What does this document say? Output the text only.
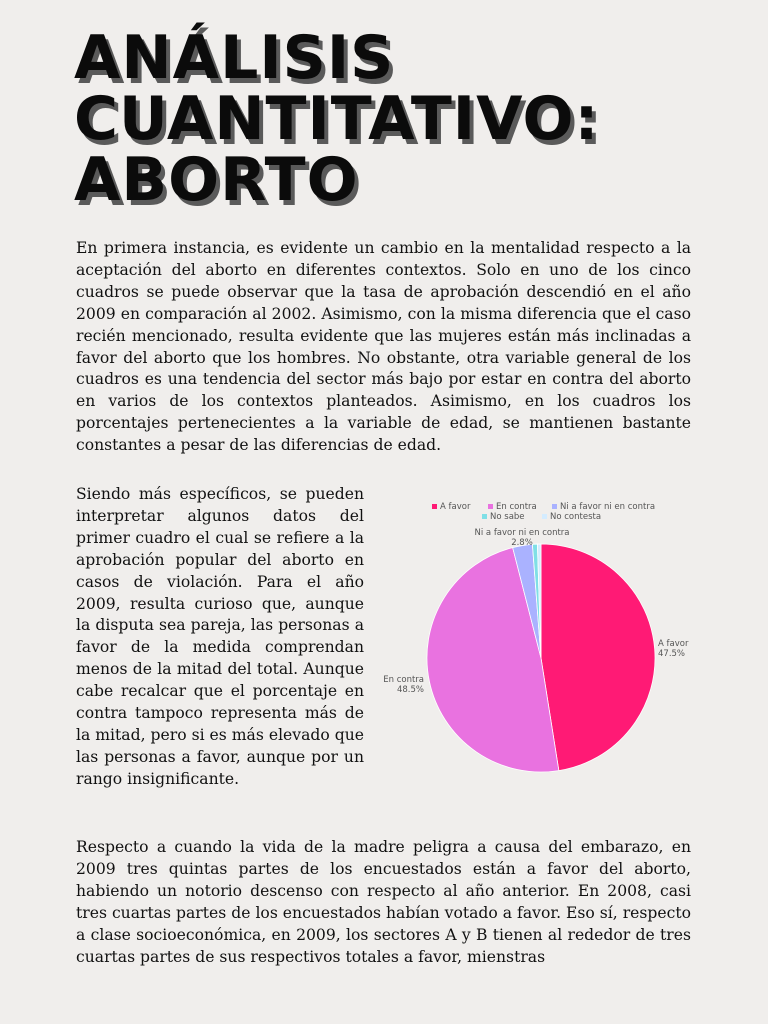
ANÁLISIS
CUANTITATIVO:
ABORTO

En primera instancia, es evidente un cambio en la mentalidad respecto a la aceptación del aborto en diferentes contextos. Solo en uno de los cinco cuadros se puede observar que la tasa de aprobación descendió en el año 2009 en comparación al 2002. Asimismo, con la misma diferencia que el caso recién mencionado, resulta evidente que las mujeres están más inclinadas a favor del aborto que los hombres. No obstante, otra variable general de los cuadros es una tendencia del sector más bajo por estar en contra del aborto en varios de los contextos planteados. Asimismo, en los cuadros los porcentajes pertenecientes a la variable de edad, se mantienen bastante constantes a pesar de las diferencias de edad.

Siendo más específicos, se pueden interpretar algunos datos del primer cuadro el cual se refiere a la aprobación popular del aborto en casos de violación. Para el año 2009, resulta curioso que, aunque la disputa sea pareja, las personas a favor de la medida comprendan menos de la mitad del total. Aunque cabe recalcar que el porcentaje en contra tampoco representa más de la mitad, pero si es más elevado que las personas a favor, aunque por un rango insignificante.

Respecto a cuando la vida de la madre peligra a causa del embarazo, en 2009 tres quintas partes de los encuestados están a favor del aborto, habiendo un notorio descenso con respecto al año anterior. En 2008, casi tres cuartas partes de los encuestados habían votado a favor. Eso sí, respecto a clase socioeconómica, en 2009, los sectores A y B tienen al rededor de tres cuartas partes de sus respectivos totales a favor, mienstras

A favor
47.5%
En contra
48.5%
Ni a favor ni en contra
2.8%
A favor	En contra	Ni a favor ni en contra
No sabe	No contesta
